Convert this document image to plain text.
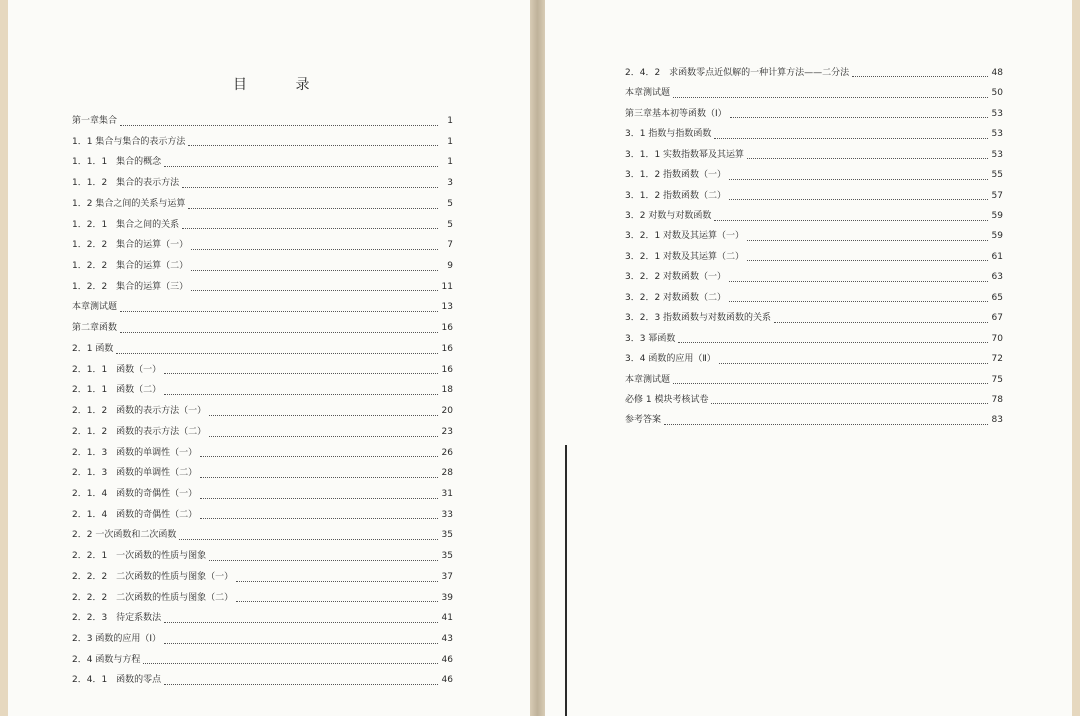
目 录
第一章集合	1
1．1 集合与集合的表示方法	1
1．1．1　集合的概念	1
1．1．2　集合的表示方法	3
1．2 集合之间的关系与运算	5
1．2．1　集合之间的关系	5
1．2．2　集合的运算（一）	7
1．2．2　集合的运算（二）	9
1．2．2　集合的运算（三）	11
本章测试题	13
第二章函数	16
2．1 函数	16
2．1．1　函数（一）	16
2．1．1　函数（二）	18
2．1．2　函数的表示方法（一）	20
2．1．2　函数的表示方法（二）	23
2．1．3　函数的单调性（一）	26
2．1．3　函数的单调性（二）	28
2．1．4　函数的奇偶性（一）	31
2．1．4　函数的奇偶性（二）	33
2．2 一次函数和二次函数	35
2．2．1　一次函数的性质与图象	35
2．2．2　二次函数的性质与图象（一）	37
2．2．2　二次函数的性质与图象（二）	39
2．2．3　待定系数法	41
2．3 函数的应用（Ⅰ）	43
2．4 函数与方程	46
2．4．1　函数的零点	46
2．4．2　求函数零点近似解的一种计算方法——二分法	48
本章测试题	50
第三章基本初等函数（Ⅰ）	53
3．1 指数与指数函数	53
3．1．1 实数指数幂及其运算	53
3．1．2 指数函数（一）	55
3．1．2 指数函数（二）	57
3．2 对数与对数函数	59
3．2．1 对数及其运算（一）	59
3．2．1 对数及其运算（二）	61
3．2．2 对数函数（一）	63
3．2．2 对数函数（二）	65
3．2．3 指数函数与对数函数的关系	67
3．3 幂函数	70
3．4 函数的应用（Ⅱ）	72
本章测试题	75
必修 1 模块考核试卷	78
参考答案	83
